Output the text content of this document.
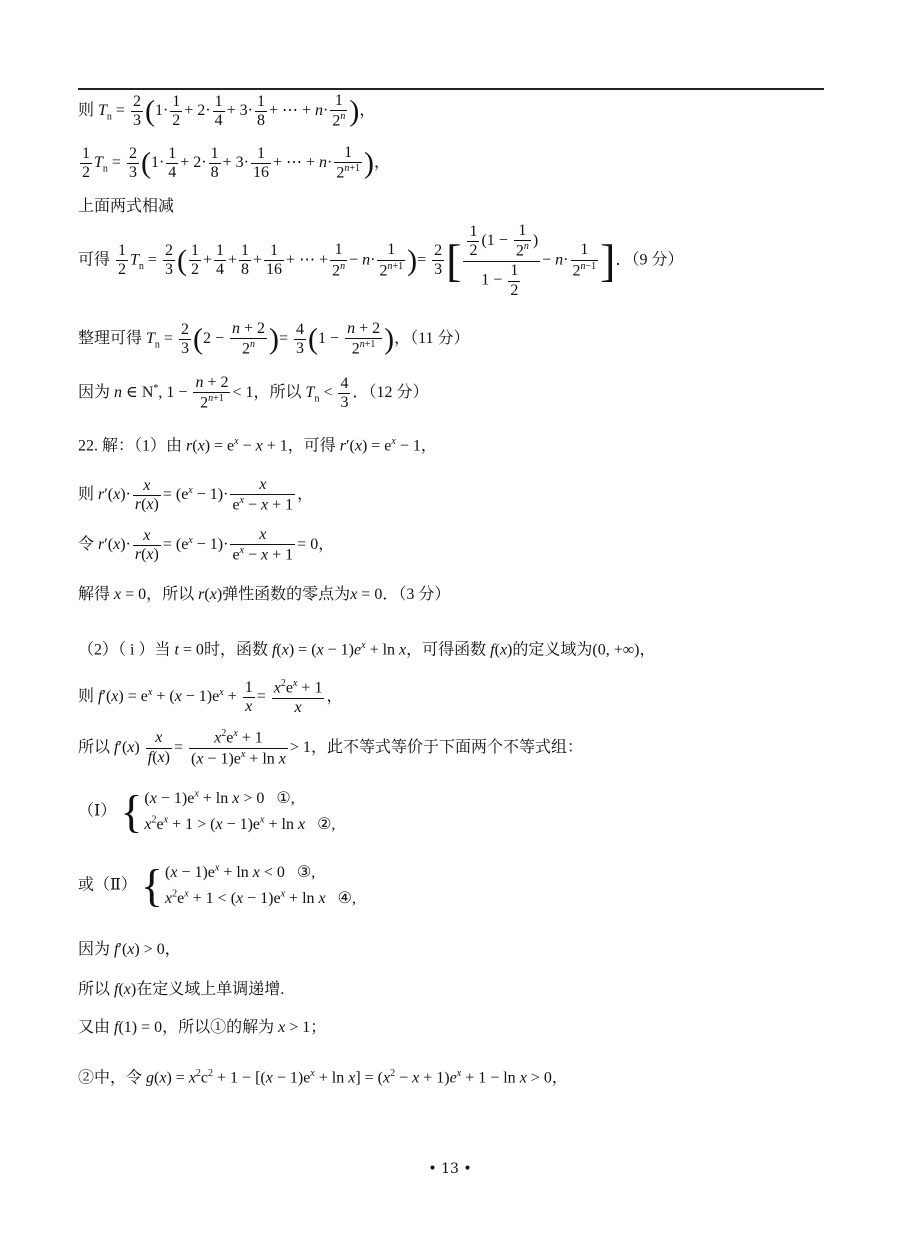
则 $T_n = \frac{2}{3} (1\cdot \frac{1}{2} + 2\cdot \frac{1}{4} + 3\cdot \frac{1}{8}$ + ⋯ + $n\cdot \frac{1}{2^n}$ )，
$\frac{1}{2} T_n = \frac{2}{3} (1\cdot \frac{1}{4} + 2\cdot \frac{1}{8} + 3\cdot \frac{1}{16}$ + ⋯ + $n\cdot \frac{1}{2^{n+1}}$ )，
上面两式相减
可得 $\frac{1}{2} T_n = \frac{2}{3}$ ( $\frac{1}{2} + \frac{1}{4} + \frac{1}{8} + \frac{1}{16}$ + ⋯ + $\frac{1}{2^n} - n\cdot \frac{1}{2^{n+1}}$ )= $\frac{2}{3}$ [ $\frac{\frac{1}{2} (1 - \frac{1}{2^n} )}{1 - \frac{1}{2}} - n\cdot \frac{1}{2^{n-1}}$ ]．（9 分）
整理可得 $T_n = \frac{2}{3} (2 - \frac{n + 2}{2^n}$ )= $\frac{4}{3} (1 - \frac{n + 2}{2^{n+1}}$ )，（11 分）
因为 n ∈ N*, $1 - \frac{n + 2}{2^{n+1}} < 1$，所以 $T_n < \frac{4}{3}$ ．（12 分）
22. 解：（1）由 $r(x) = e^x - x + 1$，可得 $r'(x) = e^x - 1$，
则 $r'(x)\cdot \frac{x}{r(x)} = (e^x - 1)\cdot \frac{x}{e^x - x + 1}$ ，
令 $r'(x)\cdot \frac{x}{r(x)} = (e^x - 1)\cdot \frac{x}{e^x - x + 1} = 0$，
解得 x = 0，所以 r(x)弹性函数的零点为x = 0．（3 分）
（2）（ i ）当 t = 0时，函数 $f(x) = (x - 1)e^x + \ln x$，可得函数 f(x)的定义域为(0, +∞)，
则 $f'(x) = e^x + (x - 1)e^x + \frac{1}{x} = \frac{x^2e^x + 1}{x}$ ，
所以 $f'(x) \frac{x}{f(x)} = \frac{x^2e^x + 1}{(x - 1)e^x + \ln x} > 1$，此不等式等价于下面两个不等式组：
（Ⅰ） { $(x - 1)e^x + \ln x > 0$   ①,
$x^2e^x + 1 > (x - 1)e^x + \ln x$   ②,
或（Ⅱ） { $(x - 1)e^x + \ln x < 0$   ③,
$x^2e^x + 1 < (x - 1)e^x + \ln x$   ④,
因为 f′(x) > 0，
所以 f(x)在定义域上单调递增.
又由 f(1) = 0，所以①的解为 x > 1；
②中，令 $g(x) = x^2c^2 + 1 - [(x - 1)e^x + \ln x] = (x^2 - x + 1)e^x + 1 - \ln x > 0$，
• 13 •
